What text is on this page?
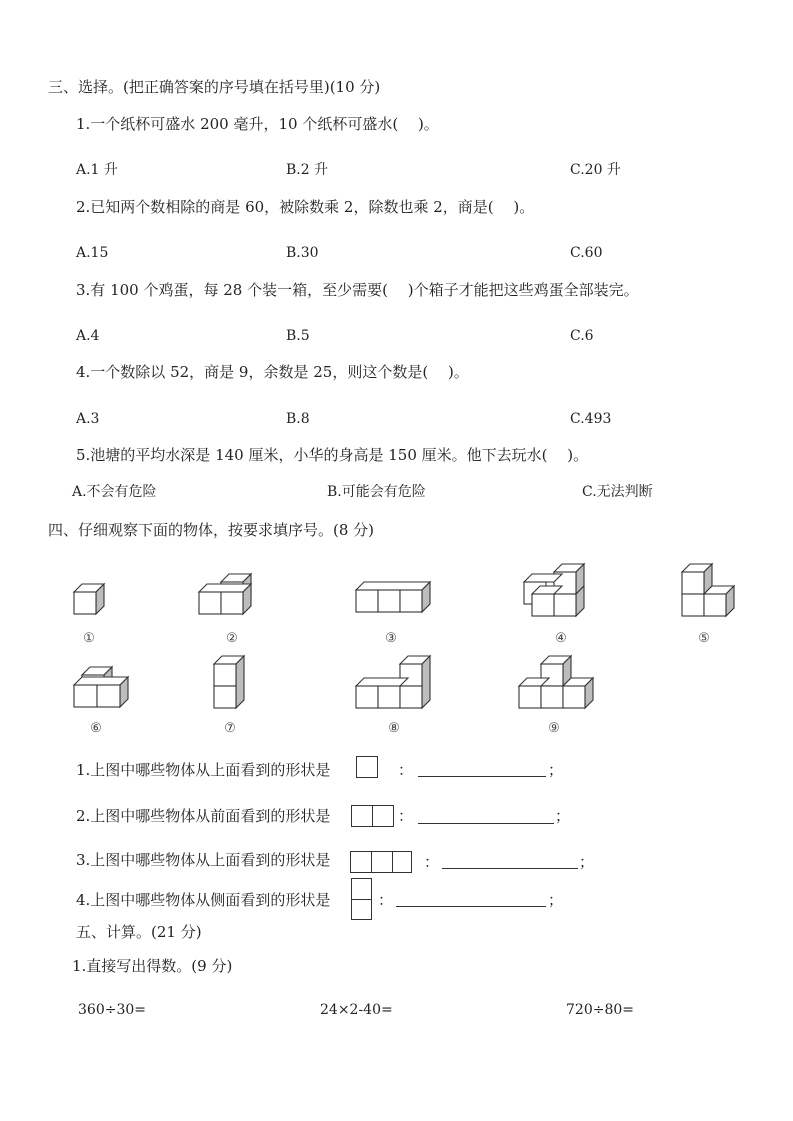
三、选择。(把正确答案的序号填在括号里)(10 分)
1.一个纸杯可盛水 200 毫升，10 个纸杯可盛水(　 )。
A.1 升	B.2 升	C.20 升
2.已知两个数相除的商是 60，被除数乘 2，除数也乘 2，商是(　 )。
A.15	B.30	C.60
3.有 100 个鸡蛋，每 28 个装一箱，至少需要(　 )个箱子才能把这些鸡蛋全部装完。
A.4	B.5	C.6
4.一个数除以 52，商是 9，余数是 25，则这个数是(　 )。
A.3	B.8	C.493
5.池塘的平均水深是 140 厘米，小华的身高是 150 厘米。他下去玩水(　 )。
A.不会有危险	B.可能会有危险	C.无法判断
四、仔细观察下面的物体，按要求填序号。(8 分)
①	②	③	④	⑤
⑥	⑦	⑧	⑨
1.上图中哪些物体从上面看到的形状是	：	；
2.上图中哪些物体从前面看到的形状是	：	；
3.上图中哪些物体从上面看到的形状是	：	；
4.上图中哪些物体从侧面看到的形状是	：	；
五、计算。(21 分)
1.直接写出得数。(9 分)
360÷30=	24×2-40=	720÷80=
